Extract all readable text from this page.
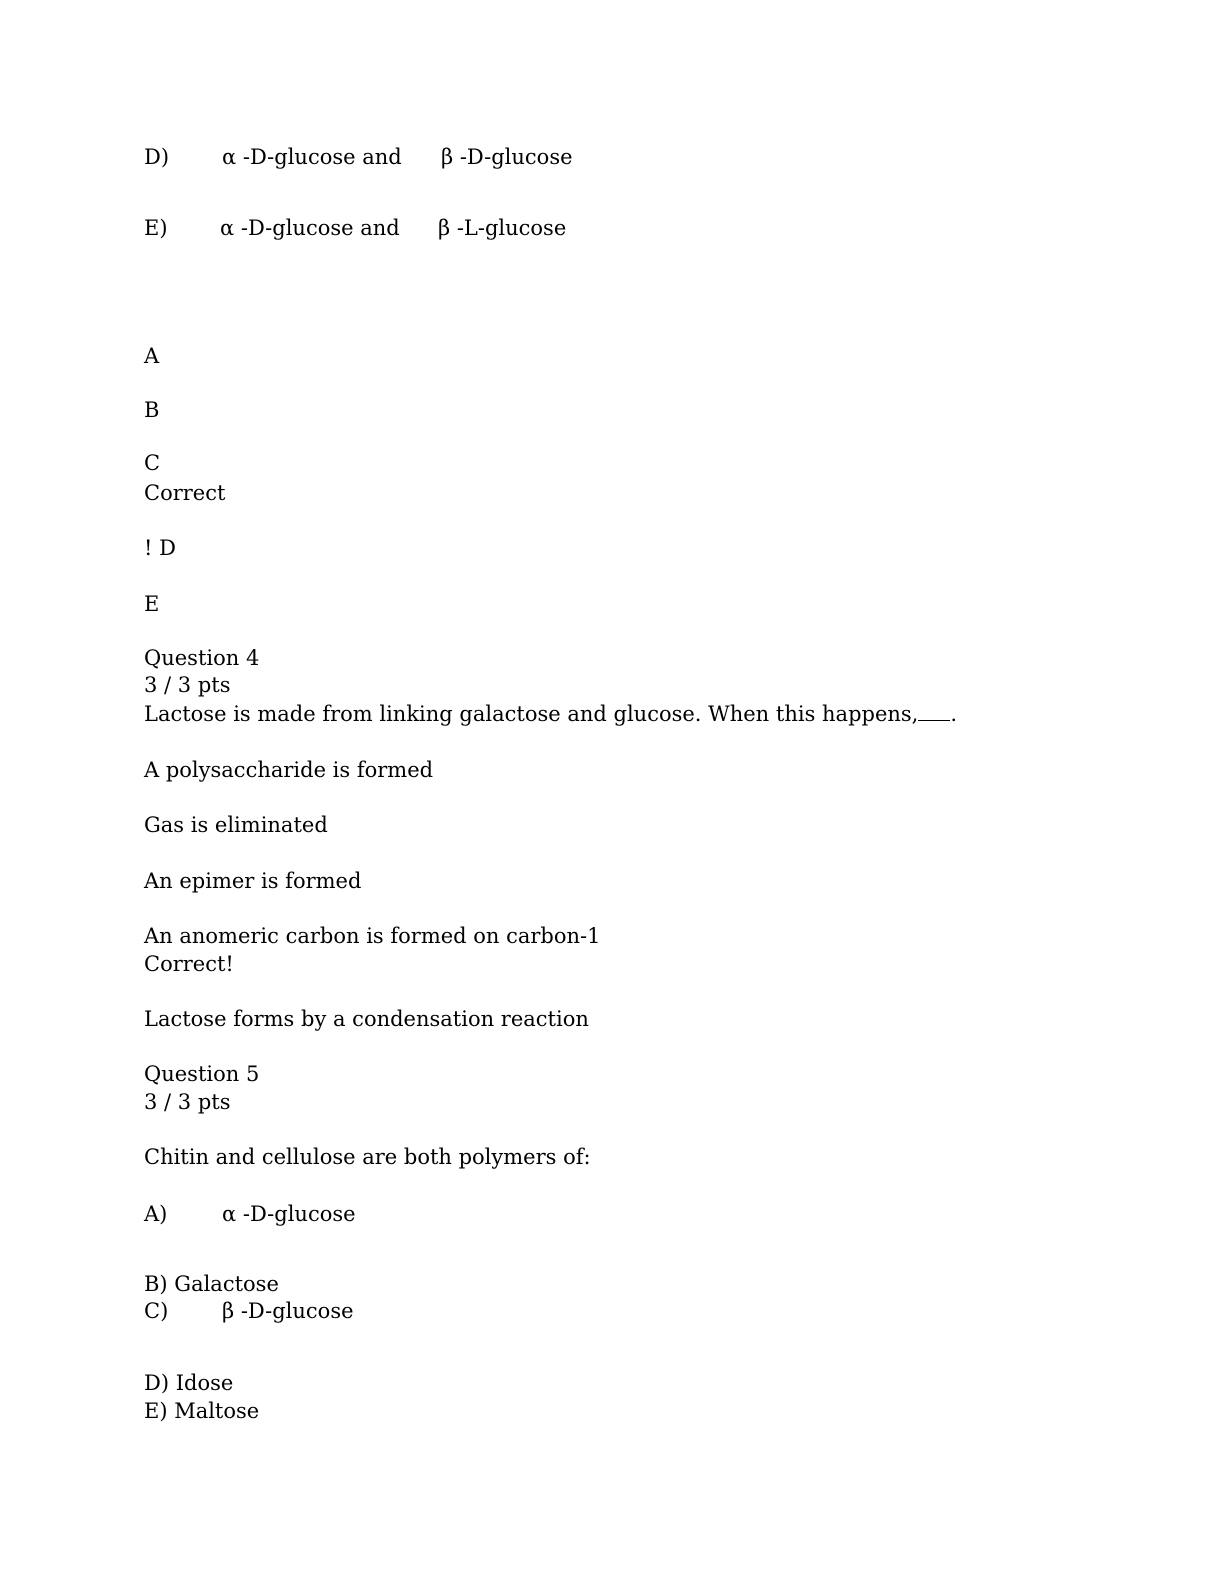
D)	α -D-glucose and β -D-glucose
E) α -D-glucose and β -L-glucose
A
B
C
Correct
! D
E
Question 4
3 / 3 pts
Lactose is made from linking galactose and glucose. When this happens, .
A polysaccharide is formed
Gas is eliminated
An epimer is formed
An anomeric carbon is formed on carbon-1
Correct!
Lactose forms by a condensation reaction
Question 5
3 / 3 pts
Chitin and cellulose are both polymers of:
A)	α -D-glucose
B) Galactose
C)	β -D-glucose
D) Idose
E) Maltose
